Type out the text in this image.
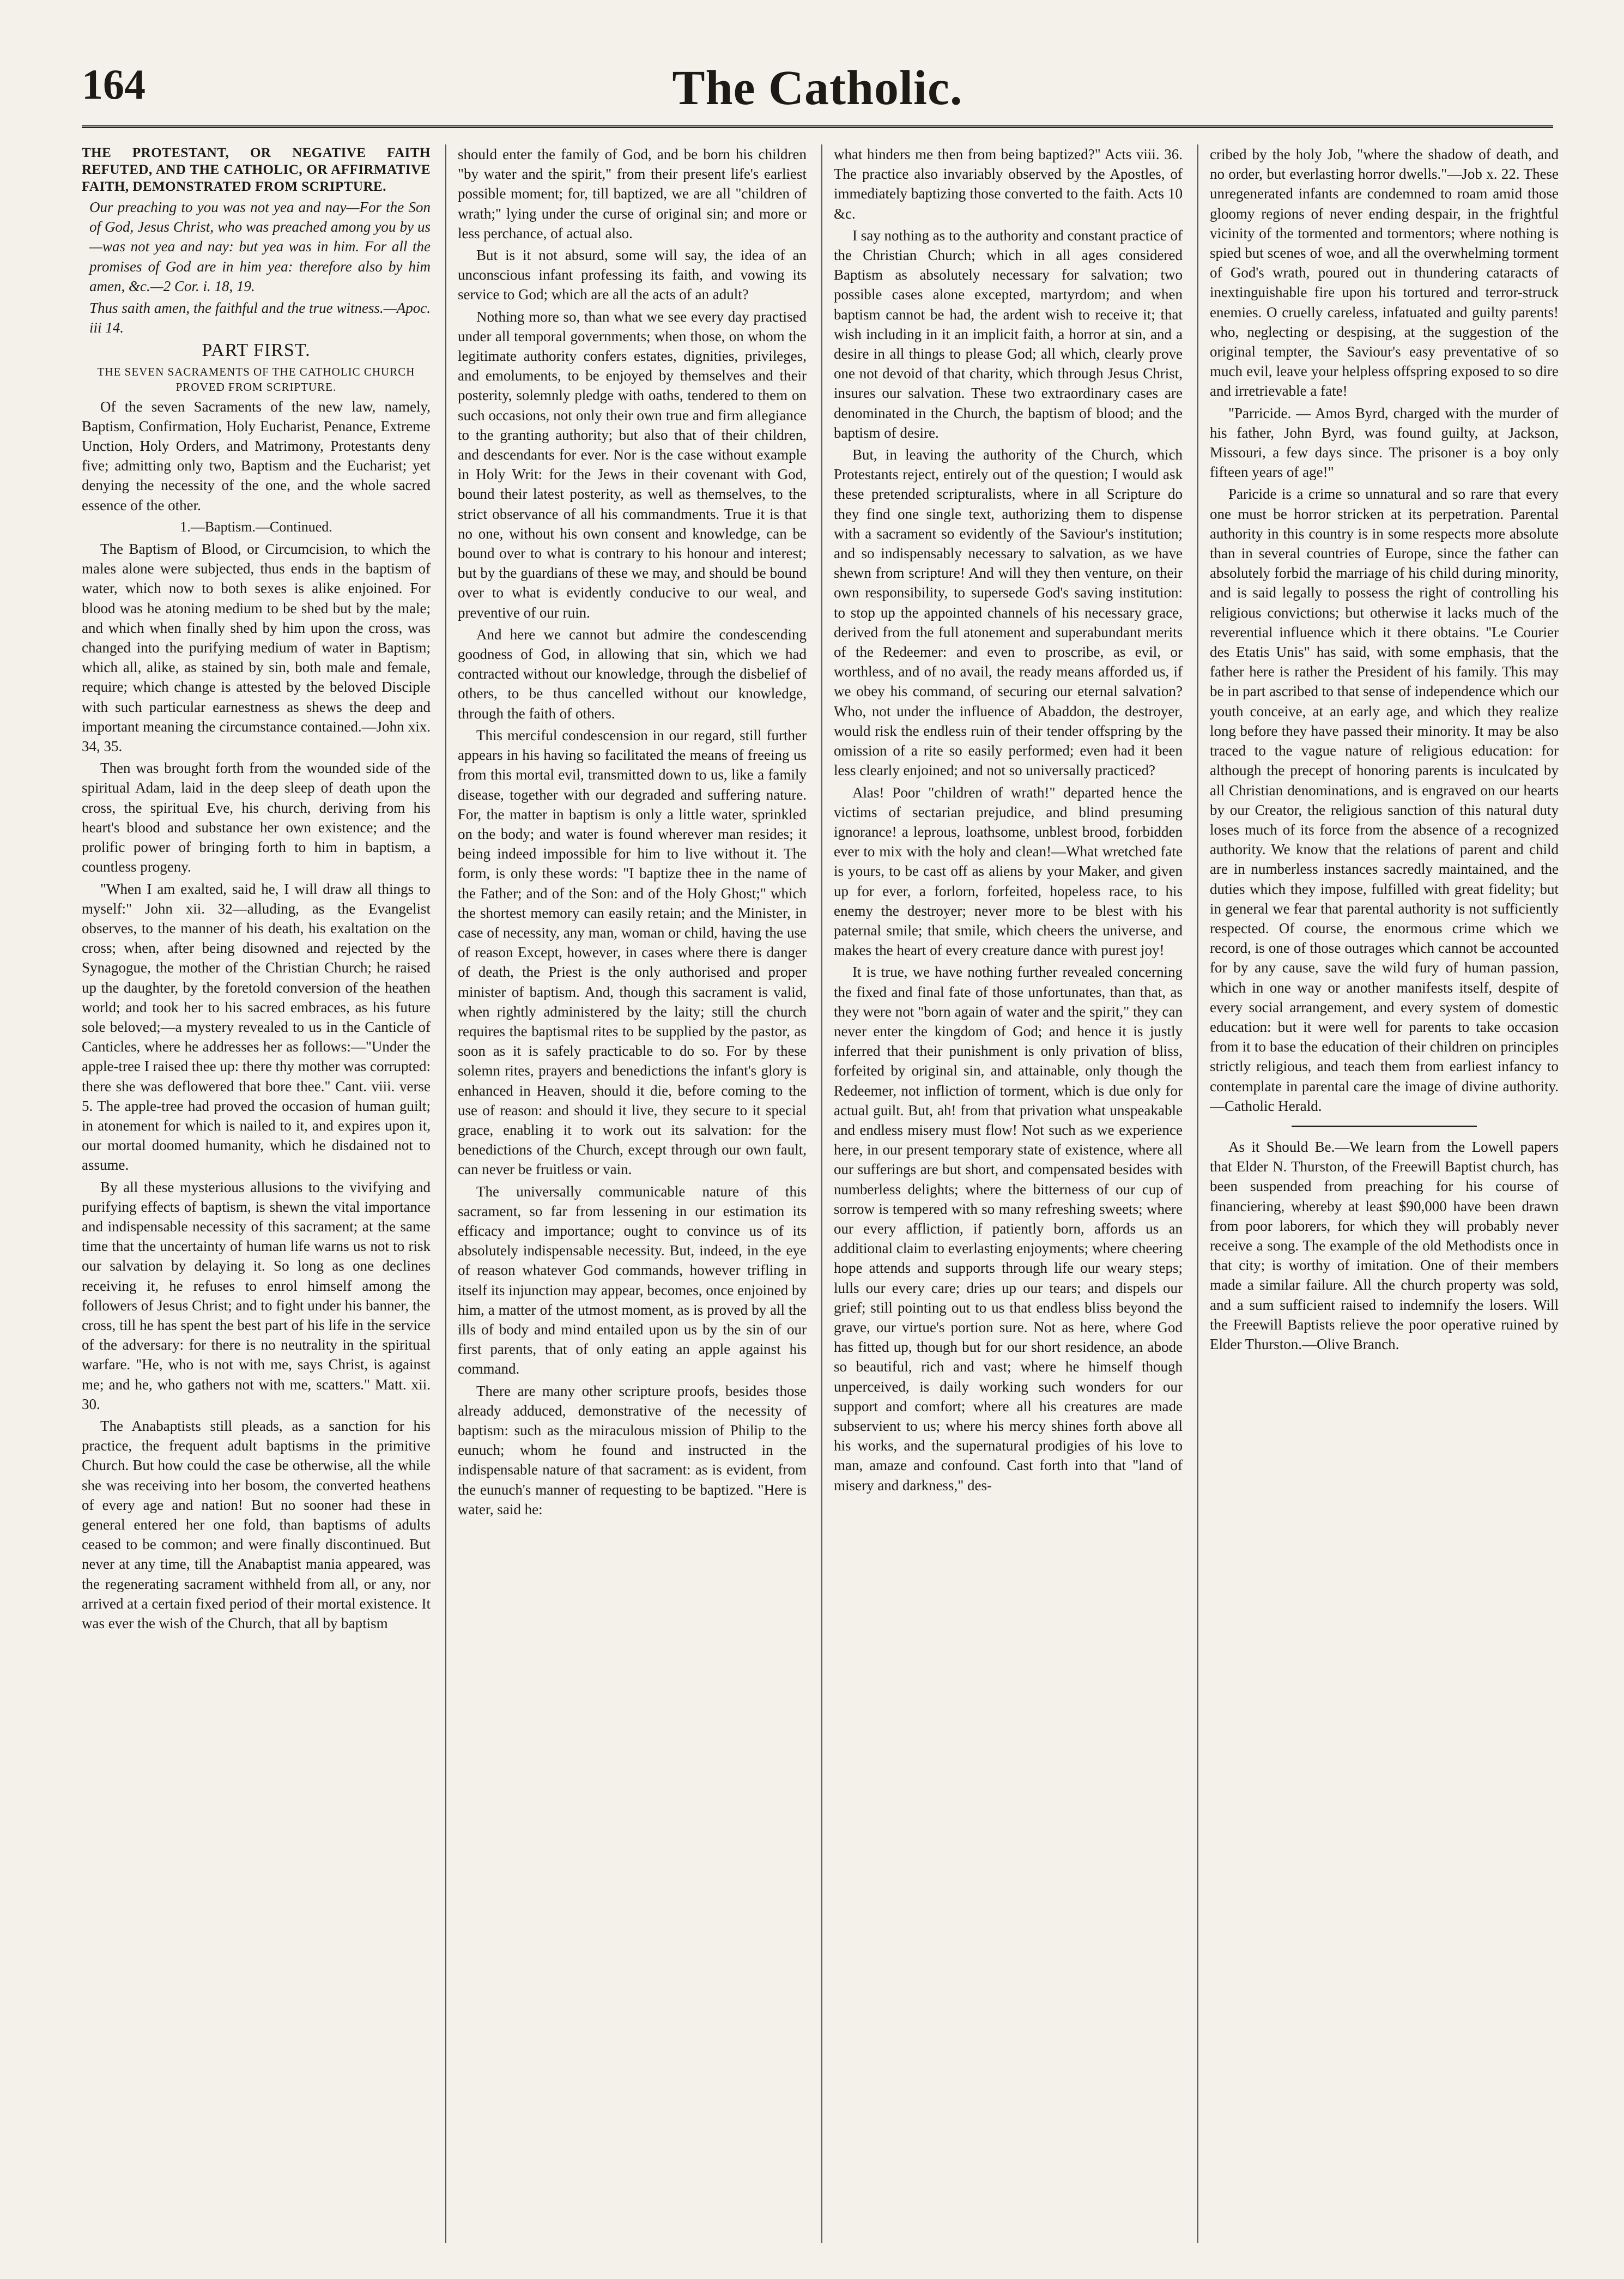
164	The Catholic.

THE PROTESTANT, OR NEGATIVE FAITH REFUTED, AND THE CATHOLIC, OR AFFIRMATIVE FAITH, DEMONSTRATED FROM SCRIPTURE.

Our preaching to you was not yea and nay—For the Son of God, Jesus Christ, who was preached among you by us—was not yea and nay: but yea was in him. For all the promises of God are in him yea: therefore also by him amen, &c.—2 Cor. i. 18, 19.

Thus saith amen, the faithful and the true witness.—Apoc. iii 14.

PART FIRST.

THE SEVEN SACRAMENTS OF THE CATHOLIC CHURCH PROVED FROM SCRIPTURE.

Of the seven Sacraments of the new law, namely, Baptism, Confirmation, Holy Eucharist, Penance, Extreme Unction, Holy Orders, and Matrimony, Protestants deny five; admitting only two, Baptism and the Eucharist; yet denying the necessity of the one, and the whole sacred essence of the other.

1.—Baptism.—Continued.

The Baptism of Blood, or Circumcision, to which the males alone were subjected, thus ends in the baptism of water, which now to both sexes is alike enjoined. For blood was he atoning medium to be shed but by the male; and which when finally shed by him upon the cross, was changed into the purifying medium of water in Baptism; which all, alike, as stained by sin, both male and female, require; which change is attested by the beloved Disciple with such particular earnestness as shews the deep and important meaning the circumstance contained.—John xix. 34, 35.

Then was brought forth from the wounded side of the spiritual Adam, laid in the deep sleep of death upon the cross, the spiritual Eve, his church, deriving from his heart's blood and substance her own existence; and the prolific power of bringing forth to him in baptism, a countless progeny.

"When I am exalted, said he, I will draw all things to myself:" John xii. 32—alluding, as the Evangelist observes, to the manner of his death, his exaltation on the cross; when, after being disowned and rejected by the Synagogue, the mother of the Christian Church; he raised up the daughter, by the foretold conversion of the heathen world; and took her to his sacred embraces, as his future sole beloved;—a mystery revealed to us in the Canticle of Canticles, where he addresses her as follows:—"Under the apple-tree I raised thee up: there thy mother was corrupted: there she was deflowered that bore thee." Cant. viii. verse 5. The apple-tree had proved the occasion of human guilt; in atonement for which is nailed to it, and expires upon it, our mortal doomed humanity, which he disdained not to assume.

By all these mysterious allusions to the vivifying and purifying effects of baptism, is shewn the vital importance and indispensable necessity of this sacrament; at the same time that the uncertainty of human life warns us not to risk our salvation by delaying it. So long as one declines receiving it, he refuses to enrol himself among the followers of Jesus Christ; and to fight under his banner, the cross, till he has spent the best part of his life in the service of the adversary: for there is no neutrality in the spiritual warfare. "He, who is not with me, says Christ, is against me; and he, who gathers not with me, scatters." Matt. xii. 30.

The Anabaptists still pleads, as a sanction for his practice, the frequent adult baptisms in the primitive Church. But how could the case be otherwise, all the while she was receiving into her bosom, the converted heathens of every age and nation! But no sooner had these in general entered her one fold, than baptisms of adults ceased to be common; and were finally discontinued. But never at any time, till the Anabaptist mania appeared, was the regenerating sacrament withheld from all, or any, nor arrived at a certain fixed period of their mortal existence. It was ever the wish of the Church, that all by baptism

should enter the family of God, and be born his children "by water and the spirit," from their present life's earliest possible moment; for, till baptized, we are all "children of wrath;" lying under the curse of original sin; and more or less perchance, of actual also.

But is it not absurd, some will say, the idea of an unconscious infant professing its faith, and vowing its service to God; which are all the acts of an adult?

Nothing more so, than what we see every day practised under all temporal governments; when those, on whom the legitimate authority confers estates, dignities, privileges, and emoluments, to be enjoyed by themselves and their posterity, solemnly pledge with oaths, tendered to them on such occasions, not only their own true and firm allegiance to the granting authority; but also that of their children, and descendants for ever. Nor is the case without example in Holy Writ: for the Jews in their covenant with God, bound their latest posterity, as well as themselves, to the strict observance of all his commandments. True it is that no one, without his own consent and knowledge, can be bound over to what is contrary to his honour and interest; but by the guardians of these we may, and should be bound over to what is evidently conducive to our weal, and preventive of our ruin.

And here we cannot but admire the condescending goodness of God, in allowing that sin, which we had contracted without our knowledge, through the disbelief of others, to be thus cancelled without our knowledge, through the faith of others.

This merciful condescension in our regard, still further appears in his having so facilitated the means of freeing us from this mortal evil, transmitted down to us, like a family disease, together with our degraded and suffering nature. For, the matter in baptism is only a little water, sprinkled on the body; and water is found wherever man resides; it being indeed impossible for him to live without it. The form, is only these words: "I baptize thee in the name of the Father; and of the Son: and of the Holy Ghost;" which the shortest memory can easily retain; and the Minister, in case of necessity, any man, woman or child, having the use of reason Except, however, in cases where there is danger of death, the Priest is the only authorised and proper minister of baptism. And, though this sacrament is valid, when rightly administered by the laity; still the church requires the baptismal rites to be supplied by the pastor, as soon as it is safely practicable to do so. For by these solemn rites, prayers and benedictions the infant's glory is enhanced in Heaven, should it die, before coming to the use of reason: and should it live, they secure to it special grace, enabling it to work out its salvation: for the benedictions of the Church, except through our own fault, can never be fruitless or vain.

The universally communicable nature of this sacrament, so far from lessening in our estimation its efficacy and importance; ought to convince us of its absolutely indispensable necessity. But, indeed, in the eye of reason whatever God commands, however trifling in itself its injunction may appear, becomes, once enjoined by him, a matter of the utmost moment, as is proved by all the ills of body and mind entailed upon us by the sin of our first parents, that of only eating an apple against his command.

There are many other scripture proofs, besides those already adduced, demonstrative of the necessity of baptism: such as the miraculous mission of Philip to the eunuch; whom he found and instructed in the indispensable nature of that sacrament: as is evident, from the eunuch's manner of requesting to be baptized. "Here is water, said he:

what hinders me then from being baptized?" Acts viii. 36. The practice also invariably observed by the Apostles, of immediately baptizing those converted to the faith. Acts 10 &c.

I say nothing as to the authority and constant practice of the Christian Church; which in all ages considered Baptism as absolutely necessary for salvation; two possible cases alone excepted, martyrdom; and when baptism cannot be had, the ardent wish to receive it; that wish including in it an implicit faith, a horror at sin, and a desire in all things to please God; all which, clearly prove one not devoid of that charity, which through Jesus Christ, insures our salvation. These two extraordinary cases are denominated in the Church, the baptism of blood; and the baptism of desire.

But, in leaving the authority of the Church, which Protestants reject, entirely out of the question; I would ask these pretended scripturalists, where in all Scripture do they find one single text, authorizing them to dispense with a sacrament so evidently of the Saviour's institution; and so indispensably necessary to salvation, as we have shewn from scripture! And will they then venture, on their own responsibility, to supersede God's saving institution: to stop up the appointed channels of his necessary grace, derived from the full atonement and superabundant merits of the Redeemer: and even to proscribe, as evil, or worthless, and of no avail, the ready means afforded us, if we obey his command, of securing our eternal salvation? Who, not under the influence of Abaddon, the destroyer, would risk the endless ruin of their tender offspring by the omission of a rite so easily performed; even had it been less clearly enjoined; and not so universally practiced?

Alas! Poor "children of wrath!" departed hence the victims of sectarian prejudice, and blind presuming ignorance! a leprous, loathsome, unblest brood, forbidden ever to mix with the holy and clean!—What wretched fate is yours, to be cast off as aliens by your Maker, and given up for ever, a forlorn, forfeited, hopeless race, to his enemy the destroyer; never more to be blest with his paternal smile; that smile, which cheers the universe, and makes the heart of every creature dance with purest joy!

It is true, we have nothing further revealed concerning the fixed and final fate of those unfortunates, than that, as they were not "born again of water and the spirit," they can never enter the kingdom of God; and hence it is justly inferred that their punishment is only privation of bliss, forfeited by original sin, and attainable, only though the Redeemer, not infliction of torment, which is due only for actual guilt. But, ah! from that privation what unspeakable and endless misery must flow! Not such as we experience here, in our present temporary state of existence, where all our sufferings are but short, and compensated besides with numberless delights; where the bitterness of our cup of sorrow is tempered with so many refreshing sweets; where our every affliction, if patiently born, affords us an additional claim to everlasting enjoyments; where cheering hope attends and supports through life our weary steps; lulls our every care; dries up our tears; and dispels our grief; still pointing out to us that endless bliss beyond the grave, our virtue's portion sure. Not as here, where God has fitted up, though but for our short residence, an abode so beautiful, rich and vast; where he himself though unperceived, is daily working such wonders for our support and comfort; where all his creatures are made subservient to us; where his mercy shines forth above all his works, and the supernatural prodigies of his love to man, amaze and confound. Cast forth into that "land of misery and darkness," des-

cribed by the holy Job, "where the shadow of death, and no order, but everlasting horror dwells."—Job x. 22. These unregenerated infants are condemned to roam amid those gloomy regions of never ending despair, in the frightful vicinity of the tormented and tormentors; where nothing is spied but scenes of woe, and all the overwhelming torment of God's wrath, poured out in thundering cataracts of inextinguishable fire upon his tortured and terror-struck enemies. O cruelly careless, infatuated and guilty parents! who, neglecting or despising, at the suggestion of the original tempter, the Saviour's easy preventative of so much evil, leave your helpless offspring exposed to so dire and irretrievable a fate!

"Parricide. — Amos Byrd, charged with the murder of his father, John Byrd, was found guilty, at Jackson, Missouri, a few days since. The prisoner is a boy only fifteen years of age!"

Paricide is a crime so unnatural and so rare that every one must be horror stricken at its perpetration. Parental authority in this country is in some respects more absolute than in several countries of Europe, since the father can absolutely forbid the marriage of his child during minority, and is said legally to possess the right of controlling his religious convictions; but otherwise it lacks much of the reverential influence which it there obtains. "Le Courier des Etatis Unis" has said, with some emphasis, that the father here is rather the President of his family. This may be in part ascribed to that sense of independence which our youth conceive, at an early age, and which they realize long before they have passed their minority. It may be also traced to the vague nature of religious education: for although the precept of honoring parents is inculcated by all Christian denominations, and is engraved on our hearts by our Creator, the religious sanction of this natural duty loses much of its force from the absence of a recognized authority. We know that the relations of parent and child are in numberless instances sacredly maintained, and the duties which they impose, fulfilled with great fidelity; but in general we fear that parental authority is not sufficiently respected. Of course, the enormous crime which we record, is one of those outrages which cannot be accounted for by any cause, save the wild fury of human passion, which in one way or another manifests itself, despite of every social arrangement, and every system of domestic education: but it were well for parents to take occasion from it to base the education of their children on principles strictly religious, and teach them from earliest infancy to contemplate in parental care the image of divine authority.—Catholic Herald.

As it Should Be.—We learn from the Lowell papers that Elder N. Thurston, of the Freewill Baptist church, has been suspended from preaching for his course of financiering, whereby at least $90,000 have been drawn from poor laborers, for which they will probably never receive a song. The example of the old Methodists once in that city; is worthy of imitation. One of their members made a similar failure. All the church property was sold, and a sum sufficient raised to indemnify the losers. Will the Freewill Baptists relieve the poor operative ruined by Elder Thurston.—Olive Branch.
